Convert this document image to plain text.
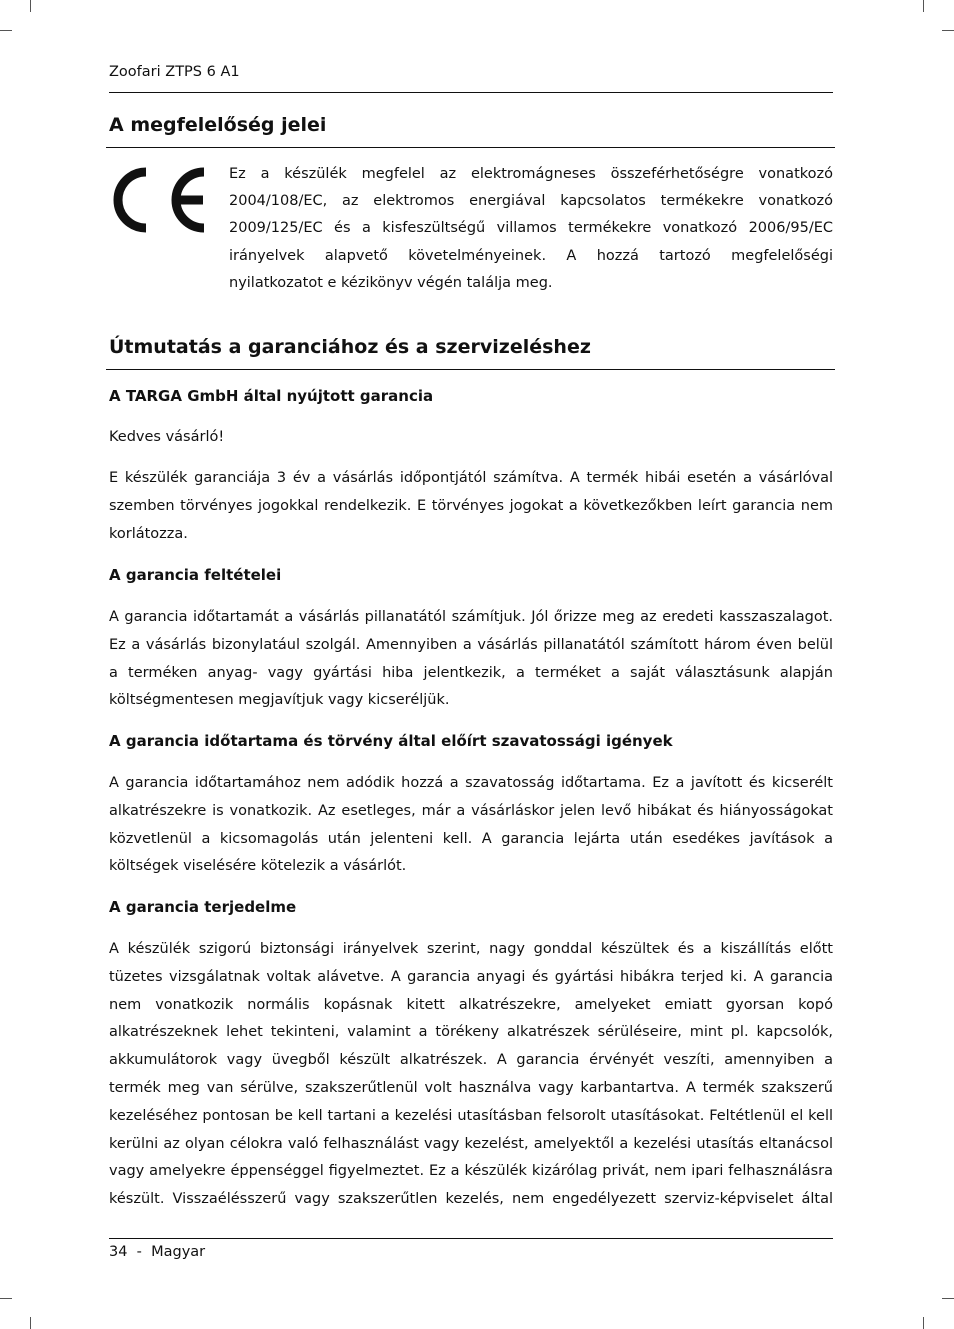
Zoofari ZTPS 6 A1
A megfelelőség jelei

Ez a készülék megfelel az elektromágneses összeférhetőségre vonatkozó 2004/108/EC, az elektromos energiával kapcsolatos termékekre vonatkozó 2009/125/EC és a kisfeszültségű villamos termékekre vonatkozó 2006/95/EC irányelvek alapvető követelményeinek. A hozzá tartozó megfelelőségi nyilatkozatot e kézikönyv végén találja meg.

Útmutatás a garanciához és a szervizeléshez
A TARGA GmbH által nyújtott garancia

Kedves vásárló!

E készülék garanciája 3 év a vásárlás időpontjától számítva. A termék hibái esetén a vásárlóval szemben törvényes jogokkal rendelkezik. E törvényes jogokat a következőkben leírt garancia nem korlátozza.

A garancia feltételei

A garancia időtartamát a vásárlás pillanatától számítjuk. Jól őrizze meg az eredeti kasszaszalagot. Ez a vásárlás bizonylatául szolgál. Amennyiben a vásárlás pillanatától számított három éven belül a terméken anyag- vagy gyártási hiba jelentkezik, a terméket a saját választásunk alapján költségmentesen megjavítjuk vagy kicseréljük.

A garancia időtartama és törvény által előírt szavatossági igények

A garancia időtartamához nem adódik hozzá a szavatosság időtartama. Ez a javított és kicserélt alkatrészekre is vonatkozik. Az esetleges, már a vásárláskor jelen levő hibákat és hiányosságokat közvetlenül a kicsomagolás után jelenteni kell. A garancia lejárta után esedékes javítások a költségek viselésére kötelezik a vásárlót.

A garancia terjedelme

A készülék szigorú biztonsági irányelvek szerint, nagy gonddal készültek és a kiszállítás előtt tüzetes vizsgálatnak voltak alávetve. A garancia anyagi és gyártási hibákra terjed ki. A garancia nem vonatkozik normális kopásnak kitett alkatrészekre, amelyeket emiatt gyorsan kopó alkatrészeknek lehet tekinteni, valamint a törékeny alkatrészek sérüléseire, mint pl. kapcsolók, akkumulátorok vagy üvegből készült alkatrészek. A garancia érvényét veszíti, amennyiben a termék meg van sérülve, szakszerűtlenül volt használva vagy karbantartva. A termék szakszerű kezeléséhez pontosan be kell tartani a kezelési utasításban felsorolt utasításokat. Feltétlenül el kell kerülni az olyan célokra való felhasználást vagy kezelést, amelyektől a kezelési utasítás eltanácsol vagy amelyekre éppenséggel figyelmeztet. Ez a készülék kizárólag privát, nem ipari felhasználásra készült. Visszaélésszerű vagy szakszerűtlen kezelés, nem engedélyezett szerviz-képviselet által

34  -  Magyar
